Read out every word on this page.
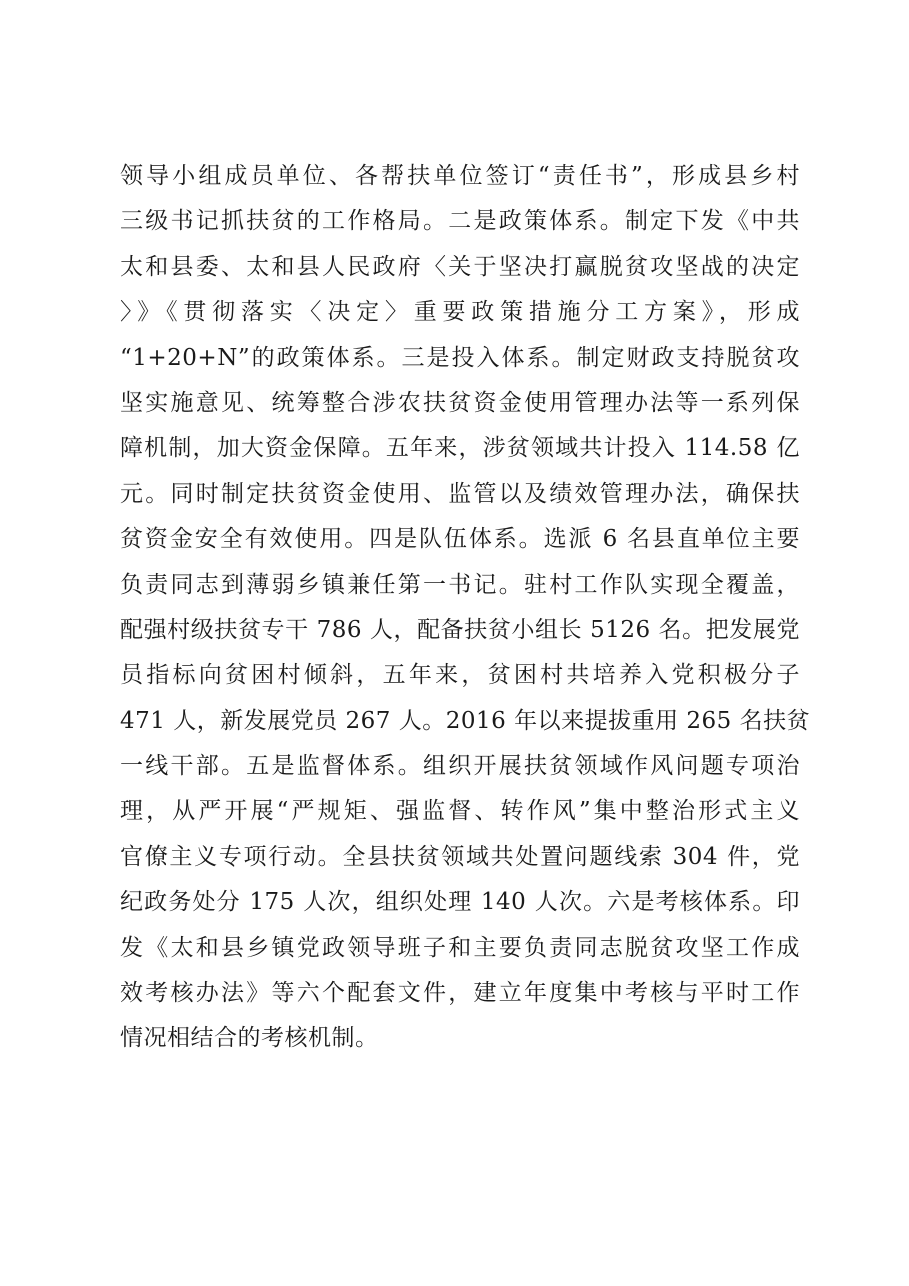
领导小组成员单位、各帮扶单位签订“责任书”，形成县乡村
三级书记抓扶贫的工作格局。二是政策体系。制定下发《中共
太和县委、太和县人民政府〈关于坚决打赢脱贫攻坚战的决定
〉》《贯彻落实〈决定〉重要政策措施分工方案》，形成
“1+20+N”的政策体系。三是投入体系。制定财政支持脱贫攻
坚实施意见、统筹整合涉农扶贫资金使用管理办法等一系列保
障机制，加大资金保障。五年来，涉贫领域共计投入 114.58 亿
元。同时制定扶贫资金使用、监管以及绩效管理办法，确保扶
贫资金安全有效使用。四是队伍体系。选派 6 名县直单位主要
负责同志到薄弱乡镇兼任第一书记。驻村工作队实现全覆盖，
配强村级扶贫专干 786 人，配备扶贫小组长 5126 名。把发展党
员指标向贫困村倾斜，五年来，贫困村共培养入党积极分子
471 人，新发展党员 267 人。2016 年以来提拔重用 265 名扶贫
一线干部。五是监督体系。组织开展扶贫领域作风问题专项治
理，从严开展“严规矩、强监督、转作风”集中整治形式主义
官僚主义专项行动。全县扶贫领域共处置问题线索 304 件，党
纪政务处分 175 人次，组织处理 140 人次。六是考核体系。印
发《太和县乡镇党政领导班子和主要负责同志脱贫攻坚工作成
效考核办法》等六个配套文件，建立年度集中考核与平时工作
情况相结合的考核机制。
